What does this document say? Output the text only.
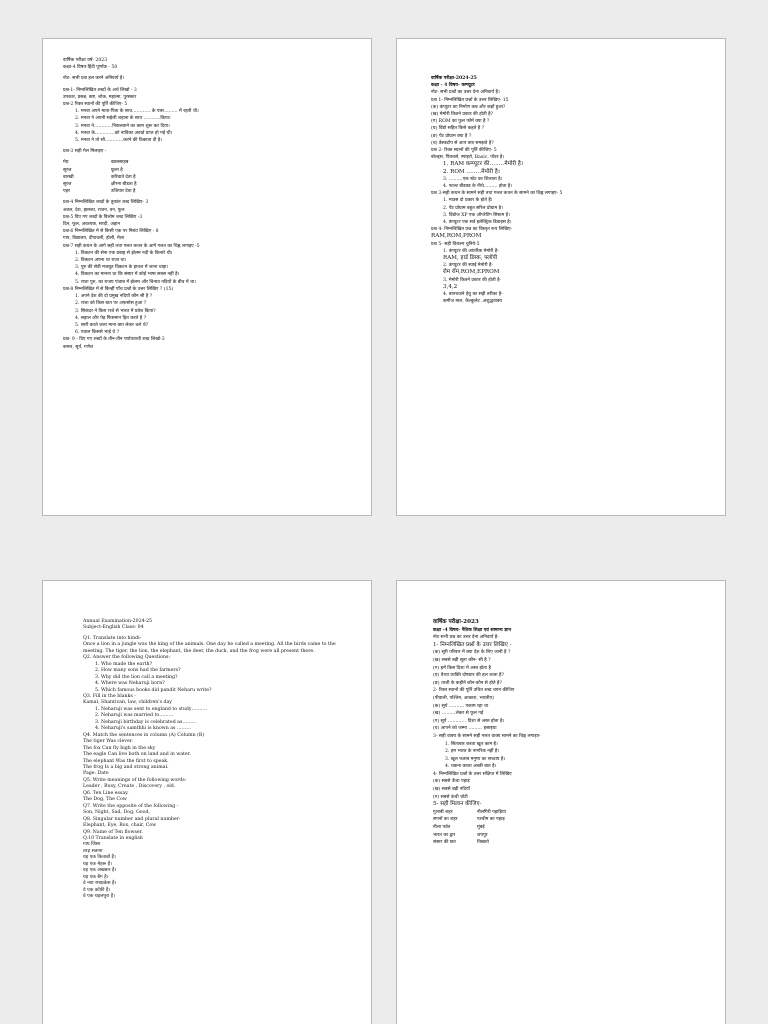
वार्षिक परीक्षा वर्ष- 2023
कक्षा-4 विषय-हिंदी पूर्णांक - 50
नोट- सभी प्रश्न हल करने अनिवार्य है।
प्रश्न-1- निम्नलिखित शब्दों के अर्थ लिखो - 3
उपकार, प्रसन्न, कष्ट, शोक, महात्मा, पुरस्कार
प्रश्न-2 रिक्त स्थानों की पूर्ति कीजिए- 5
1. मनवा अपने माता-पिता के साथ………… के पास……… में रहती थी।
2. मनवा ने अपनी सहेली शहाना के साथ ………..किया।
3. मनवा ने…………निकलवाने का काम शुरू कर दिया।
4. मनवा के………….को नाविका अवार्ड प्राप्त हो गई थी।
5. मनवा ने तो सौ…………करने की ठिकाता दी है।
प्रश्न-3 सही मेल मिलाइए -
मेघ	खालसाहब
सूरज	फ्रूला है
बारखी	करिवाते देता है
सूरज	क्षीरना बीडता है
पहर	उजियार देता है
प्रश्न-4 निम्नलिखित शब्दों के तुकांत शब्द लिखिए- 3
अवल, देश, झलका, राजन, वन, फूल
प्रश्न-5 दिए गए शब्दों के विलोम शब्द लिखिए -3
दिन, फूल, अवश्यक, सरदी, अहान
प्रश्न-6 निम्नलिखित में से किसी एक पर निबंध लिखिए - 8
गाय, विद्यालय, दीपावली, होली, मेला
प्रश्न-7 सही कथन के आगे सही तथा गलत कथन के आगे गलत का चिह्न लगाइए -5
1. विकटन की सेना एक प्रबाह से झेलम नदी के किनारे थी।
2. विकटन अपना था राजा था।
3. पुरु की सेवी मजबूत विकटन के हाथल में जाना चाहा।
4. विकटन का मानना था कि संसार में कोई भाषा सबस नहीं है।
5. राजा पुरु, का राजय पंजाब में झेलम और चिनाव नदियों के बीच में था।
प्रश्न-8 निम्नलिखित में से किन्हीं पाँच प्रश्नों के उत्तर लिखिए ? (15)
1. अपने देश की दो प्रमुख नदियों कौन सी है ?
2. राजा को किस बात पर अफ़सोस हुआ ?
3. सिकंदर ने किस राजे से भारत में प्रवेश किया?
4. सहाल और पेड़ फिसमान हित करते है ?
5. सारी करते जला माना क्या लेकर चले थे?
6. पवाल किससे भाई थे ?
प्रश्न- 9 - दिए गए शब्दों के तीन-तीन पर्यायवाची शब्द लिखो-3
कमल, सूर्य, गणेश
वार्षिक परीक्षा-2024-25
कक्षा - 4 विषय- कम्प्यूटर
नोट- सभी प्रश्नों का उत्तर देना अनिवार्य है।
प्रश्न 1- निम्नलिखित प्रश्नों के उत्तर लिखिए- 15
(क) कंप्यूटर का निर्माण कब और कहाँ हुआ?
(ख) मेमोरी कितने प्रकार की होती है?
(ग) ROM का फुल फॉर्म क्या है ?
(घ) विंडो सहित किसे कहते है ?
(ङ) पेंट प्रोग्राम क्या है ?
(च) डेस्कटॉप से आप क्या समझते है?
प्रश्न 2- रिक्त स्थानों की पूर्ति कीजिए- 5
बोल्ड्स, पिक्चर्स, स्पाइरो, Basic, पॉवर है।
1. RAM कम्प्यूटर की……..मेमोरी है।
2. ROM ……..मेमोरी है।
3. ………एक स्टेट का शिलाता है।
4. फाल्ट बीडवड के नीचे……… होता है।
प्रश्न 3-सही कथन के सामने सही तथा गलत कथन के सामने का चिह्न लगाइए- 5
1. माउस दो प्रकार के होते हैं।
2. पेंट प्रोग्राम बहुत सरिल प्रोग्राम है।
3. विंडोज XP एक ऑपरेटिंग सिस्टम है।
4. कंप्यूटर एक सर्व इलेक्ट्रिक डिवाइस है।
प्रश्न 4- निम्नलिखित प्रश्न का विस्तृत रूप लिखिए-
RAM,ROM,PROM
प्रश्न 5- सही विकल्प चुनिये-5
1. कंप्यूटर की आंतरिक मेमोरी है-
RAM, हार्ड डिस्क, फ्लॉपी
2. कंप्यूटर की स्थाई मेमोरी है-
रोम रॉम,ROM,EPROM
3. मेमोरी कितने प्रकार की होती है-
3,4,2
4. बातचवाने हेतु का सही तरीका है-
कमीज माल, कैल्कुलेट ,अशुद्धवाक्य
Annual Examination-2024-25
Subject-English Class- 04
Q1. Translate into hindi-
Once a lion in a jungle was the king of the animals. One day he called a meeting. All the birds came to the
meeting. The tiger, the lion, the elephant, the deer, the duck, and the frog were all present there.
Q2. Answer the following Questions:
1. Who made the earth?
2. How many sons had the farmers?
3. Why did the lion call a meeting?
4. Where was Neharuji born?
5. Which famous books did pandit Neharu write?
Q3. Fill in the blanks -
Kamal, Shantivan, law, children's day
1. Neharuji was sent to england to study……….
2. Neharuji was married to………
3. Neharuji birthday is celebrated as………
4. Neharuji's samthhi is known as ………
Q4. Match the sentences in column (A) Column (B)
The tiger Was clever.
The fox Can fly high in the sky
The eagle Can live both on land and in water.
The elephant Was the first to speak.
The frog Is a big and strong animal.
Page. Date
Q5. Write meanings of the following words-
Leader , Busy, Create , Discovery , old.
Q6. Ten Line essay.
The Dog, The Cow
Q7. Write the opposite of the following -
Son, Night, Sad, Dog, Good,
Q8. Singular number and plural number-
Elephant, Eye, Box, chair, Cow
Q9. Name of Ten flowser.
Q.10 Translate in english
गाय जिसा
तरह सताना
यह एक किताबों है।
यह एक मेहरू है।
वह एक अखबार है।
यह एक बैग है।
वे नया रमाप्रकेश है।
वे एक कॉफ़ी है।
वे एक चहलपुरा है।
वार्षिक परीक्षा-2023
कक्षा -4 विषय- नैतिक शिक्षा एवं सामान्य ज्ञान
नोट सभी प्रश्न का उत्तर देना अनिवार्य है-
1- निम्नलिखित प्रश्नों के उत्तर लिखिए -
(क) सूरी परिवार में क्या देश के लिए जानी है ?
(ख) सबसे बड़ी सूता कौन- सी है ?
(ग) हमें किस दिशा में अस्त होता है
(घ) वैध्या व्यक्ति दोषधार की हल जाता है?
(ङ) धरती के कहीनें कौन-कौन से होते है?
2- रिक्त स्थानों की पूर्ति उचित शब्द चयन कीजिए
(पीवाली, पश्चिम, आकाश, भारतीय)
(क) सूर्य ………. पकाम रहा था
(ख) ………लेकर से फूल गई
(ग) सूर्य ………… दिशा से अस्त होता है।
(घ) आपने को जम्मा ……… हसाइया
3- सही वाक्य के सामने सही गलत वाक्य सामने का चिह्न लगाइए-
1. सिताबार करता खूत काम है।
2. हम भारत के नागरिक नहीं है।
3. खूल फताब मनुष्य का सच्चाय है।
4. चकना करता अच्छी बात है।
4- निम्नलिखित प्रश्नों के उत्तर संक्षिप्त में लिखिए
(क) सबसे ऊँचा पहाड़
(ख) सबसे बड़ी नदियाँ
(ग) सबसे ऊंची चोटी
5- सही मिलान कीजिए-
गुलाबी शहर	नीलगिरी पहाड़ियां
सपनों का शहर	पश्चीम का पहाड़
नीला पर्वत	मुंबई
भारत का द्वार	जयपुर
संसार की छत	तिब्बतो
